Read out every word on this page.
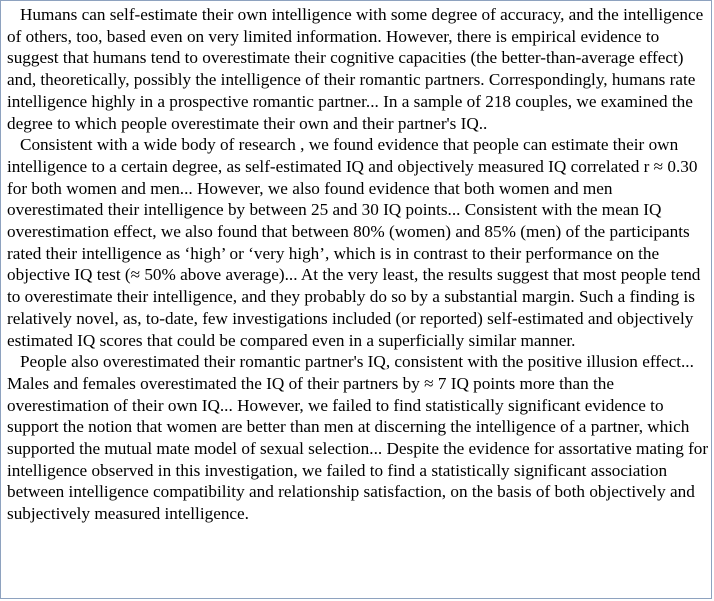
Humans can self-estimate their own intelligence with some degree of accuracy, and the intelligence of others, too, based even on very limited information. However, there is empirical evidence to suggest that humans tend to overestimate their cognitive capacities (the better-than-average effect) and, theoretically, possibly the intelligence of their romantic partners. Correspondingly, humans rate intelligence highly in a prospective romantic partner... In a sample of 218 couples, we examined the degree to which people overestimate their own and their partner's IQ..

Consistent with a wide body of research , we found evidence that people can estimate their own intelligence to a certain degree, as self-estimated IQ and objectively measured IQ correlated r ≈ 0.30 for both women and men... However, we also found evidence that both women and men overestimated their intelligence by between 25 and 30 IQ points... Consistent with the mean IQ overestimation effect, we also found that between 80% (women) and 85% (men) of the participants rated their intelligence as ‘high’ or ‘very high’, which is in contrast to their performance on the objective IQ test (≈ 50% above average)... At the very least, the results suggest that most people tend to overestimate their intelligence, and they probably do so by a substantial margin. Such a finding is relatively novel, as, to-date, few investigations included (or reported) self-estimated and objectively estimated IQ scores that could be compared even in a superficially similar manner.

People also overestimated their romantic partner's IQ, consistent with the positive illusion effect... Males and females overestimated the IQ of their partners by ≈ 7 IQ points more than the overestimation of their own IQ... However, we failed to find statistically significant evidence to support the notion that women are better than men at discerning the intelligence of a partner, which supported the mutual mate model of sexual selection... Despite the evidence for assortative mating for intelligence observed in this investigation, we failed to find a statistically significant association between intelligence compatibility and relationship satisfaction, on the basis of both objectively and subjectively measured intelligence.
